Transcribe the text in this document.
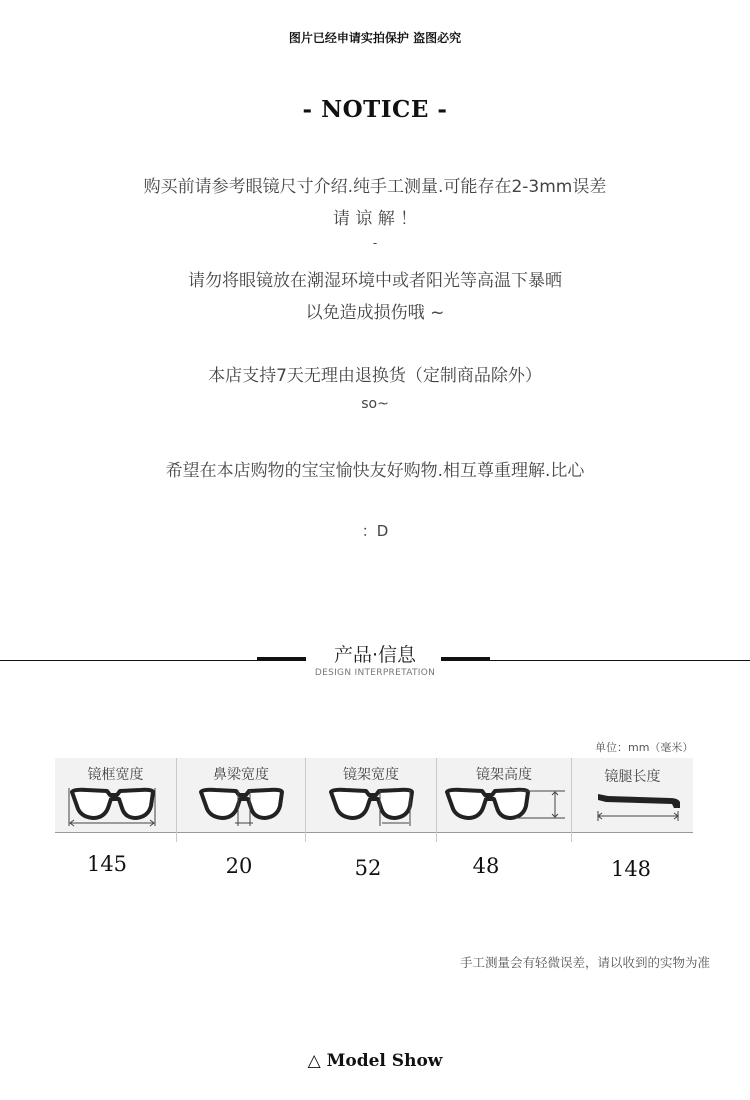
图片已经申请实拍保护 盗图必究
- NOTICE -
购买前请参考眼镜尺寸介绍.纯手工测量.可能存在2-3mm误差
请 谅 解 ！
-
请勿将眼镜放在潮湿环境中或者阳光等高温下暴晒
以免造成损伤哦 ~
本店支持7天无理由退换货（定制商品除外）
so~
希望在本店购物的宝宝愉快友好购物.相互尊重理解.比心
：D
产品·信息
DESIGN INTERPRETATION
单位：mm（毫米）
镜框宽度	鼻梁宽度	镜架宽度	镜架高度	镜腿长度
145	20	52	48	148
手工测量会有轻微误差，请以收到的实物为准
△ Model Show
